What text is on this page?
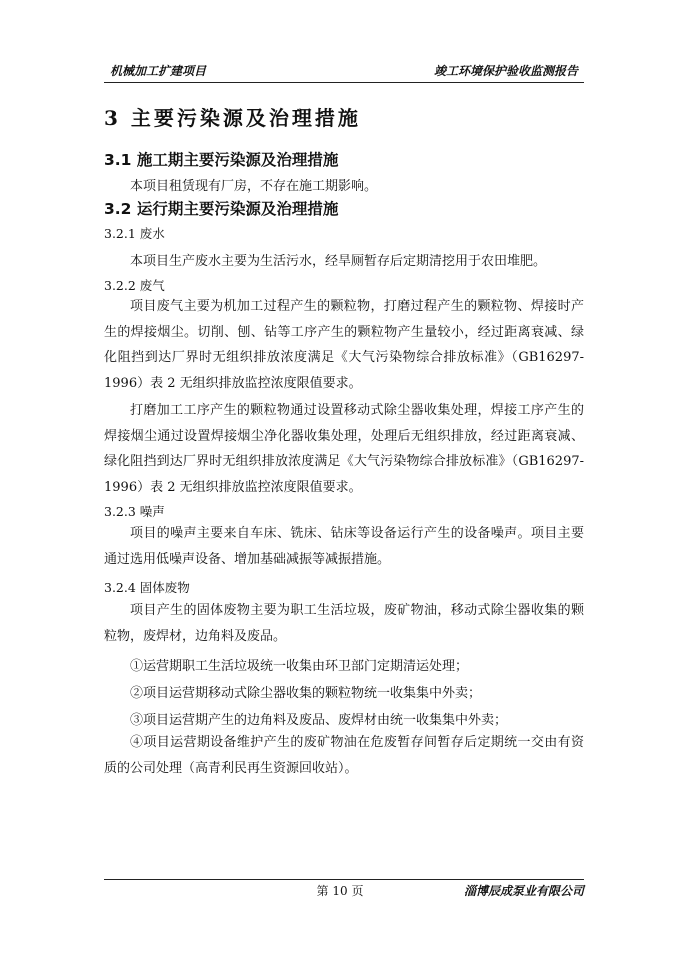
机械加工扩建项目	竣工环境保护验收监测报告
3 主要污染源及治理措施
3.1 施工期主要污染源及治理措施
本项目租赁现有厂房，不存在施工期影响。
3.2 运行期主要污染源及治理措施
3.2.1 废水
本项目生产废水主要为生活污水，经旱厕暂存后定期清挖用于农田堆肥。
3.2.2 废气
项目废气主要为机加工过程产生的颗粒物，打磨过程产生的颗粒物、焊接时产生的焊接烟尘。切削、刨、钻等工序产生的颗粒物产生量较小，经过距离衰减、绿化阻挡到达厂界时无组织排放浓度满足《大气污染物综合排放标准》（GB16297-1996）表 2 无组织排放监控浓度限值要求。
打磨加工工序产生的颗粒物通过设置移动式除尘器收集处理，焊接工序产生的焊接烟尘通过设置焊接烟尘净化器收集处理，处理后无组织排放，经过距离衰减、绿化阻挡到达厂界时无组织排放浓度满足《大气污染物综合排放标准》（GB16297-1996）表 2 无组织排放监控浓度限值要求。
3.2.3 噪声
项目的噪声主要来自车床、铣床、钻床等设备运行产生的设备噪声。项目主要通过选用低噪声设备、增加基础减振等减振措施。
3.2.4 固体废物
项目产生的固体废物主要为职工生活垃圾，废矿物油，移动式除尘器收集的颗粒物，废焊材，边角料及废品。
①运营期职工生活垃圾统一收集由环卫部门定期清运处理；
②项目运营期移动式除尘器收集的颗粒物统一收集集中外卖；
③项目运营期产生的边角料及废品、废焊材由统一收集集中外卖；
④项目运营期设备维护产生的废矿物油在危废暂存间暂存后定期统一交由有资质的公司处理（高青利民再生资源回收站）。
第 10 页	淄博辰成泵业有限公司
